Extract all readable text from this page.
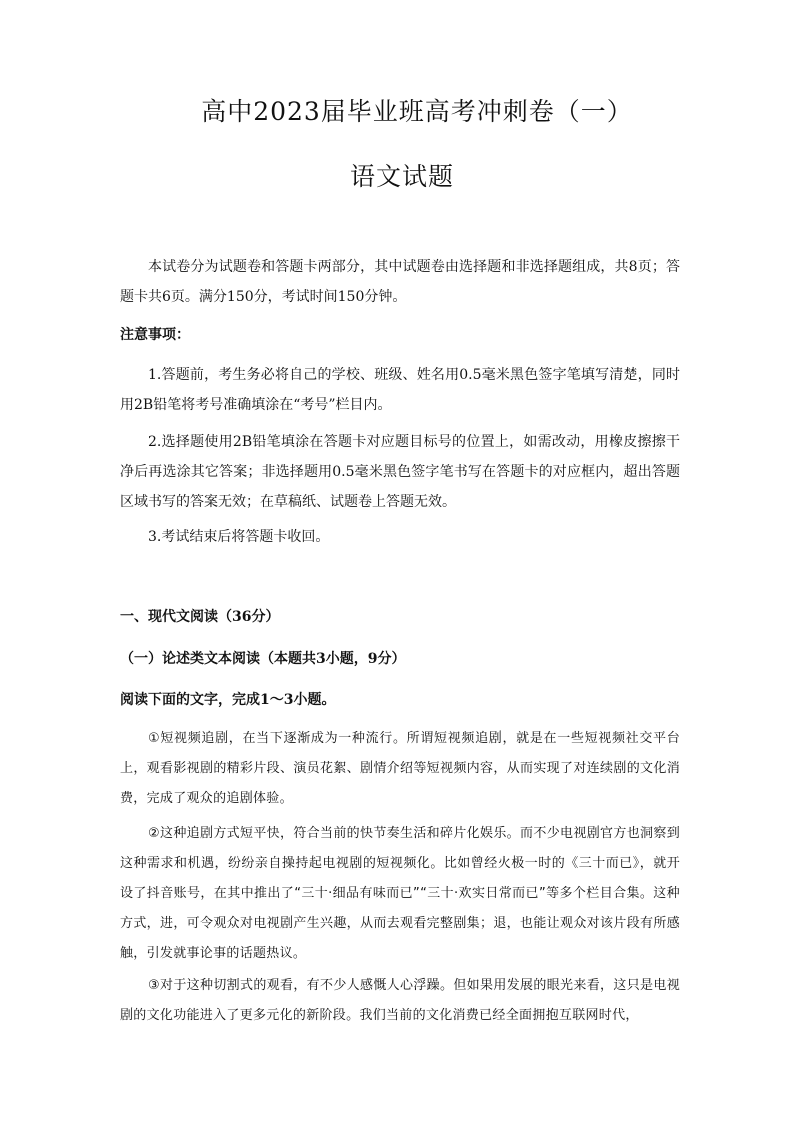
高中2023届毕业班高考冲刺卷（一）
语文试题

本试卷分为试题卷和答题卡两部分，其中试题卷由选择题和非选择题组成，共8页；答题卡共6页。满分150分，考试时间150分钟。

注意事项：

1.答题前，考生务必将自己的学校、班级、姓名用0.5毫米黑色签字笔填写清楚，同时用2B铅笔将考号准确填涂在“考号”栏目内。

2.选择题使用2B铅笔填涂在答题卡对应题目标号的位置上，如需改动，用橡皮擦擦干净后再选涂其它答案；非选择题用0.5毫米黑色签字笔书写在答题卡的对应框内，超出答题区域书写的答案无效；在草稿纸、试题卷上答题无效。

3.考试结束后将答题卡收回。

一、现代文阅读（36分）

（一）论述类文本阅读（本题共3小题，9分）

阅读下面的文字，完成1～3小题。

①短视频追剧，在当下逐渐成为一种流行。所谓短视频追剧，就是在一些短视频社交平台上，观看影视剧的精彩片段、演员花絮、剧情介绍等短视频内容，从而实现了对连续剧的文化消费，完成了观众的追剧体验。

②这种追剧方式短平快，符合当前的快节奏生活和碎片化娱乐。而不少电视剧官方也洞察到这种需求和机遇，纷纷亲自操持起电视剧的短视频化。比如曾经火极一时的《三十而已》，就开设了抖音账号，在其中推出了“三十·细品有味而已”“三十·欢实日常而已”等多个栏目合集。这种方式，进，可令观众对电视剧产生兴趣，从而去观看完整剧集；退，也能让观众对该片段有所感触，引发就事论事的话题热议。

③对于这种切割式的观看，有不少人感慨人心浮躁。但如果用发展的眼光来看，这只是电视剧的文化功能进入了更多元化的新阶段。我们当前的文化消费已经全面拥抱互联网时代，
